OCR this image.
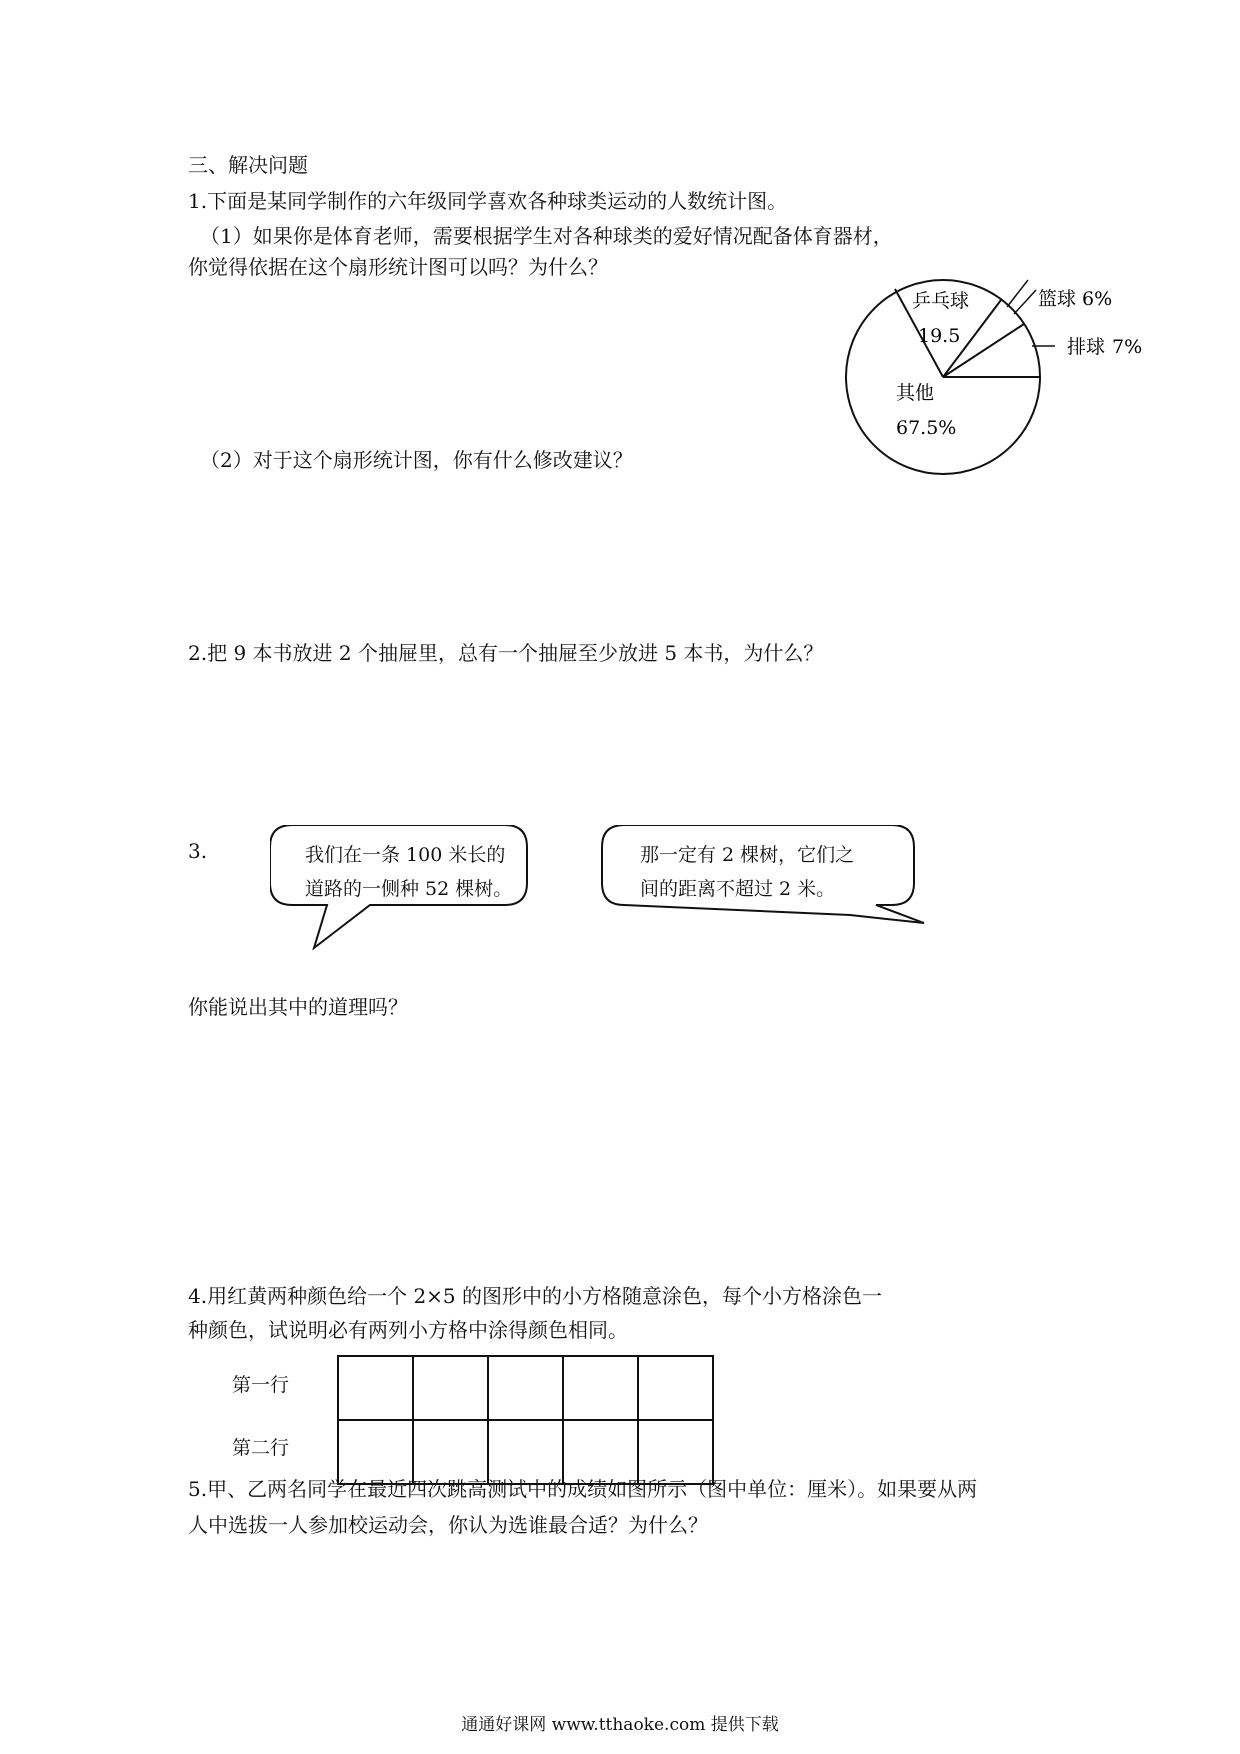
三、解决问题
1.下面是某同学制作的六年级同学喜欢各种球类运动的人数统计图。
（1）如果你是体育老师，需要根据学生对各种球类的爱好情况配备体育器材，
你觉得依据在这个扇形统计图可以吗？为什么？
（2）对于这个扇形统计图，你有什么修改建议？
乒乓球
19.5
篮球 6%
排球 7%
其他
67.5%
2.把 9 本书放进 2 个抽屉里，总有一个抽屉至少放进 5 本书，为什么？
3.	我们在一条 100 米长的
道路的一侧种 52 棵树。
那一定有 2 棵树，它们之
间的距离不超过 2 米。
你能说出其中的道理吗？
4.用红黄两种颜色给一个 2×5 的图形中的小方格随意涂色，每个小方格涂色一
种颜色，试说明必有两列小方格中涂得颜色相同。
第一行
第二行

5.甲、乙两名同学在最近四次跳高测试中的成绩如图所示（图中单位：厘米）。如果要从两
人中选拔一人参加校运动会，你认为选谁最合适？为什么？
通通好课网 www.tthaoke.com 提供下载
